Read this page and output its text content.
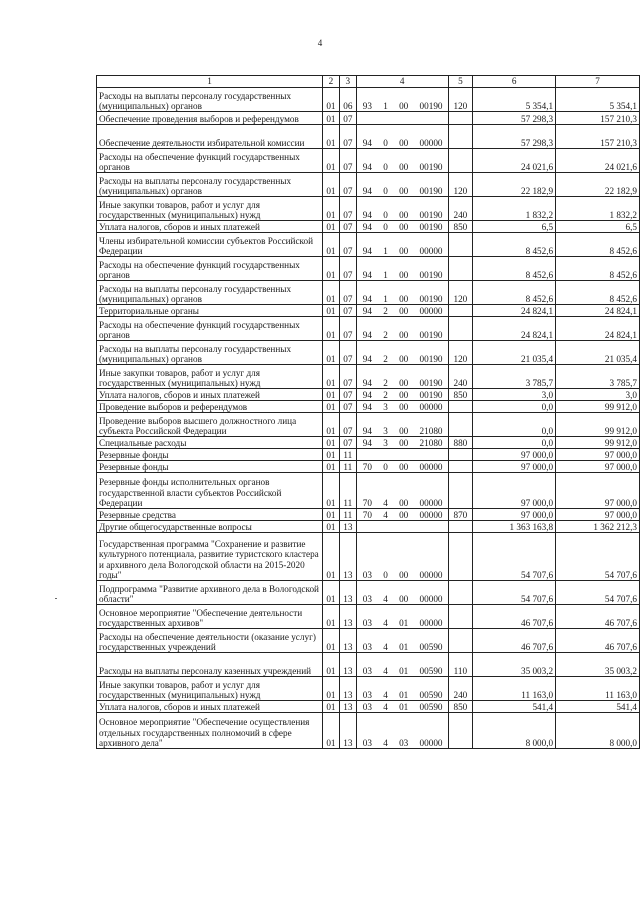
4
1	2	3	4	5	6	7
Расходы на выплаты персоналу государственных (муниципальных) органов	01	06	93 1 00 00190	120	5 354,1	5 354,1
Обеспечение проведения выборов и референдумов	01	07			57 298,3	157 210,3
Обеспечение деятельности избирательной комиссии	01	07	94 0 00 00000		57 298,3	157 210,3
Расходы на обеспечение функций государственных органов	01	07	94 0 00 00190		24 021,6	24 021,6
Расходы на выплаты персоналу государственных (муниципальных) органов	01	07	94 0 00 00190	120	22 182,9	22 182,9
Иные закупки товаров, работ и услуг для государственных (муниципальных) нужд	01	07	94 0 00 00190	240	1 832,2	1 832,2
Уплата налогов, сборов и иных платежей	01	07	94 0 00 00190	850	6,5	6,5
Члены избирательной комиссии субъектов Российской Федерации	01	07	94 1 00 00000		8 452,6	8 452,6
Расходы на обеспечение функций государственных органов	01	07	94 1 00 00190		8 452,6	8 452,6
Расходы на выплаты персоналу государственных (муниципальных) органов	01	07	94 1 00 00190	120	8 452,6	8 452,6
Территориальные органы	01	07	94 2 00 00000		24 824,1	24 824,1
Расходы на обеспечение функций государственных органов	01	07	94 2 00 00190		24 824,1	24 824,1
Расходы на выплаты персоналу государственных (муниципальных) органов	01	07	94 2 00 00190	120	21 035,4	21 035,4
Иные закупки товаров, работ и услуг для государственных (муниципальных) нужд	01	07	94 2 00 00190	240	3 785,7	3 785,7
Уплата налогов, сборов и иных платежей	01	07	94 2 00 00190	850	3,0	3,0
Проведение выборов и референдумов	01	07	94 3 00 00000		0,0	99 912,0
Проведение выборов высшего должностного лица субъекта Российской Федерации	01	07	94 3 00 21080		0,0	99 912,0
Специальные расходы	01	07	94 3 00 21080	880	0,0	99 912,0
Резервные фонды	01	11			97 000,0	97 000,0
Резервные фонды	01	11	70 0 00 00000		97 000,0	97 000,0
Резервные фонды исполнительных органов государственной власти субъектов Российской Федерации	01	11	70 4 00 00000		97 000,0	97 000,0
Резервные средства	01	11	70 4 00 00000	870	97 000,0	97 000,0
Другие общегосударственные вопросы	01	13			1 363 163,8	1 362 212,3
Государственная программа "Сохранение и развитие культурного потенциала, развитие туристского кластера и архивного дела Вологодской области на 2015-2020 годы"	01	13	03 0 00 00000		54 707,6	54 707,6
Подпрограмма "Развитие архивного дела в Вологодской области"	01	13	03 4 00 00000		54 707,6	54 707,6
Основное мероприятие "Обеспечение деятельности государственных архивов"	01	13	03 4 01 00000		46 707,6	46 707,6
Расходы на обеспечение деятельности (оказание услуг) государственных учреждений	01	13	03 4 01 00590		46 707,6	46 707,6
Расходы на выплаты персоналу казенных учреждений	01	13	03 4 01 00590	110	35 003,2	35 003,2
Иные закупки товаров, работ и услуг для государственных (муниципальных) нужд	01	13	03 4 01 00590	240	11 163,0	11 163,0
Уплата налогов, сборов и иных платежей	01	13	03 4 01 00590	850	541,4	541,4
Основное мероприятие "Обеспечение осуществления отдельных государственных полномочий в сфере архивного дела"	01	13	03 4 03 00000		8 000,0	8 000,0
